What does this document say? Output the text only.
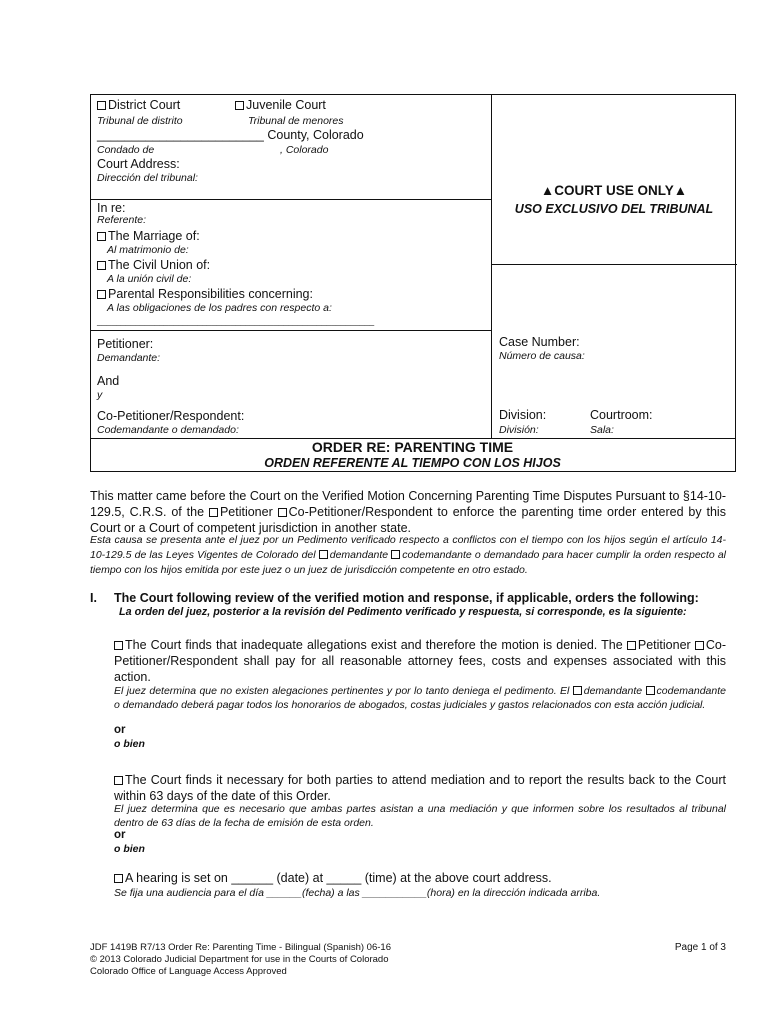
District Court	Juvenile Court
Tribunal de distrito	Tribunal de menores
________________________ County, Colorado
Condado de	, Colorado
Court Address:
Dirección del tribunal:
In re:
Referente:
The Marriage of:
Al matrimonio de:
The Civil Union of:
A la unión civil de:
Parental Responsibilities concerning:
A las obligaciones de los padres con respecto a:
__________________________________________________________
Petitioner:
Demandante:
And
y
Co-Petitioner/Respondent:
Codemandante o demandado:
▲COURT USE ONLY▲
USO EXCLUSIVO DEL TRIBUNAL
Case Number:
Número de causa:
Division:
División:
Courtroom:
Sala:
ORDER RE: PARENTING TIME
ORDEN REFERENTE AL TIEMPO CON LOS HIJOS
This matter came before the Court on the Verified Motion Concerning Parenting Time Disputes Pursuant to §14-10-129.5, C.R.S. of the Petitioner Co-Petitioner/Respondent to enforce the parenting time order entered by this Court or a Court of competent jurisdiction in another state.
Esta causa se presenta ante el juez por un Pedimento verificado respecto a conflictos con el tiempo con los hijos según el artículo 14-10-129.5 de las Leyes Vigentes de Colorado del demandante codemandante o demandado para hacer cumplir la orden respecto al tiempo con los hijos emitida por este juez o un juez de jurisdicción competente en otro estado.
I. The Court following review of the verified motion and response, if applicable, orders the following:
La orden del juez, posterior a la revisión del Pedimento verificado y respuesta, si corresponde, es la siguiente:
The Court finds that inadequate allegations exist and therefore the motion is denied. The Petitioner Co-Petitioner/Respondent shall pay for all reasonable attorney fees, costs and expenses associated with this action.
El juez determina que no existen alegaciones pertinentes y por lo tanto deniega el pedimento. El demandante codemandante o demandado deberá pagar todos los honorarios de abogados, costas judiciales y gastos relacionados con esta acción judicial.
or
o bien
The Court finds it necessary for both parties to attend mediation and to report the results back to the Court within 63 days of the date of this Order.
El juez determina que es necesario que ambas partes asistan a una mediación y que informen sobre los resultados al tribunal dentro de 63 días de la fecha de emisión de esta orden.
or
o bien
A hearing is set on ______ (date) at _____ (time) at the above court address.
Se fija una audiencia para el día ______(fecha) a las ___________(hora) en la dirección indicada arriba.
JDF 1419B R7/13 Order Re: Parenting Time - Bilingual (Spanish) 06-16
© 2013 Colorado Judicial Department for use in the Courts of Colorado
Colorado Office of Language Access Approved
Page 1 of 3
